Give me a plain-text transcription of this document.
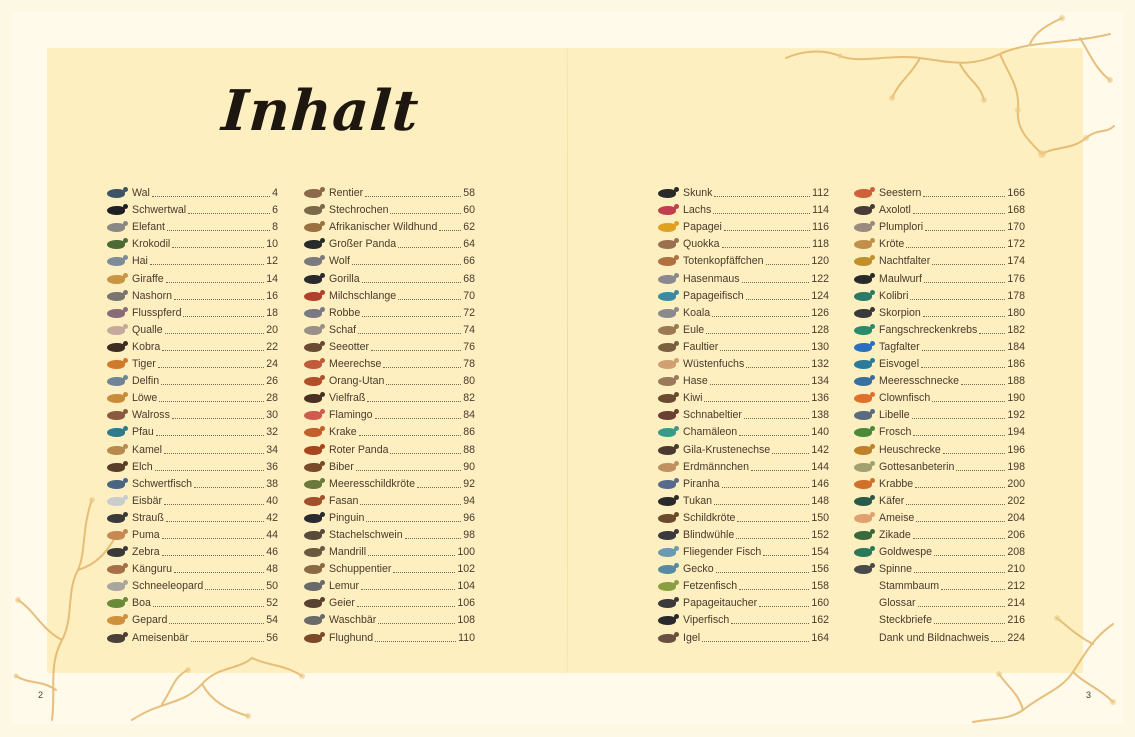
Inhalt
Wal	4
Schwertwal	6
Elefant	8
Krokodil	10
Hai	12
Giraffe	14
Nashorn	16
Flusspferd	18
Qualle	20
Kobra	22
Tiger	24
Delfin	26
Löwe	28
Walross	30
Pfau	32
Kamel	34
Elch	36
Schwertfisch	38
Eisbär	40
Strauß	42
Puma	44
Zebra	46
Känguru	48
Schneeleopard	50
Boa	52
Gepard	54
Ameisenbär	56
Rentier	58
Stechrochen	60
Afrikanischer Wildhund 62
Großer Panda	64
Wolf	66
Gorilla	68
Milchschlange	70
Robbe	72
Schaf	74
Seeotter	76
Meerechse	78
Orang-Utan	80
Vielfraß	82
Flamingo	84
Krake	86
Roter Panda	88
Biber	90
Meeresschildkröte	92
Fasan	94
Pinguin	96
Stachelschwein	98
Mandrill	100
Schuppentier	102
Lemur	104
Geier	106
Waschbär	108
Flughund	110
Skunk	112
Lachs	114
Papagei	116
Quokka	118
Totenkopfäffchen	120
Hasenmaus	122
Papageifisch	124
Koala	126
Eule	128
Faultier	130
Wüstenfuchs	132
Hase	134
Kiwi	136
Schnabeltier	138
Chamäleon	140
Gila-Krustenechse	142
Erdmännchen	144
Piranha	146
Tukan	148
Schildkröte	150
Blindwühle	152
Fliegender Fisch	154
Gecko	156
Fetzenfisch	158
Papageitaucher	160
Viperfisch	162
Igel	164
Seestern	166
Axolotl	168
Plumplori	170
Kröte	172
Nachtfalter	174
Maulwurf	176
Kolibri	178
Skorpion	180
Fangschreckenkrebs	182
Tagfalter	184
Eisvogel	186
Meeresschnecke	188
Clownfisch	190
Libelle	192
Frosch	194
Heuschrecke	196
Gottesanbeterin	198
Krabbe	200
Käfer	202
Ameise	204
Zikade	206
Goldwespe	208
Spinne	210
Stammbaum	212
Glossar	214
Steckbriefe	216
Dank und Bildnachweis 224
2	3
